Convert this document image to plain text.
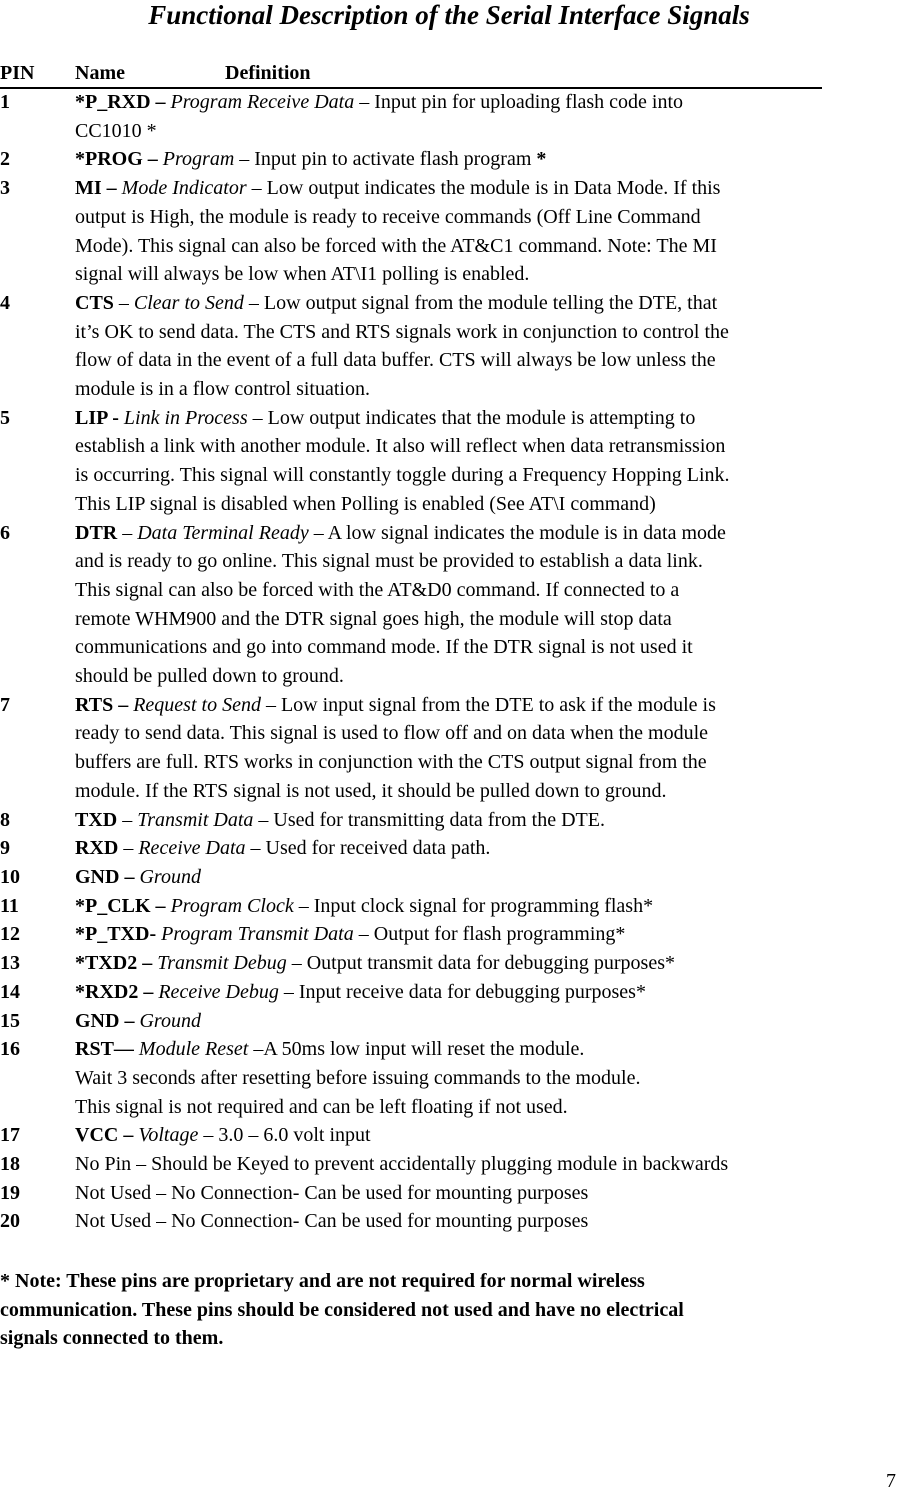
Functional Description of the Serial Interface Signals
PIN Name	Definition
1	*P_RXD – Program Receive Data – Input pin for uploading flash code into
CC1010 *
2	*PROG – Program – Input pin to activate flash program *
3	MI – Mode Indicator – Low output indicates the module is in Data Mode. If this
output is High, the module is ready to receive commands (Off Line Command
Mode). This signal can also be forced with the AT&C1 command. Note: The MI
signal will always be low when AT\I1 polling is enabled.
4	CTS – Clear to Send – Low output signal from the module telling the DTE, that
it’s OK to send data. The CTS and RTS signals work in conjunction to control the
flow of data in the event of a full data buffer. CTS will always be low unless the
module is in a flow control situation.
5	LIP - Link in Process – Low output indicates that the module is attempting to
establish a link with another module. It also will reflect when data retransmission
is occurring. This signal will constantly toggle during a Frequency Hopping Link.
This LIP signal is disabled when Polling is enabled (See AT\I command)
6	DTR – Data Terminal Ready – A low signal indicates the module is in data mode
and is ready to go online. This signal must be provided to establish a data link.
This signal can also be forced with the AT&D0 command. If connected to a
remote WHM900 and the DTR signal goes high, the module will stop data
communications and go into command mode. If the DTR signal is not used it
should be pulled down to ground.
7	RTS – Request to Send – Low input signal from the DTE to ask if the module is
ready to send data. This signal is used to flow off and on data when the module
buffers are full. RTS works in conjunction with the CTS output signal from the
module. If the RTS signal is not used, it should be pulled down to ground.
8	TXD – Transmit Data – Used for transmitting data from the DTE.
9	RXD – Receive Data – Used for received data path.
10	GND – Ground
11	*P_CLK – Program Clock – Input clock signal for programming flash*
12	*P_TXD- Program Transmit Data – Output for flash programming*
13	*TXD2 – Transmit Debug – Output transmit data for debugging purposes*
14	*RXD2 – Receive Debug – Input receive data for debugging purposes*
15	GND – Ground
16	RST— Module Reset –A 50ms low input will reset the module.
Wait 3 seconds after resetting before issuing commands to the module.
This signal is not required and can be left floating if not used.
17	VCC – Voltage – 3.0 – 6.0 volt input
18	No Pin – Should be Keyed to prevent accidentally plugging module in backwards
19	Not Used – No Connection- Can be used for mounting purposes
20	Not Used – No Connection- Can be used for mounting purposes
* Note: These pins are proprietary and are not required for normal wireless
communication. These pins should be considered not used and have no electrical
signals connected to them.
7
